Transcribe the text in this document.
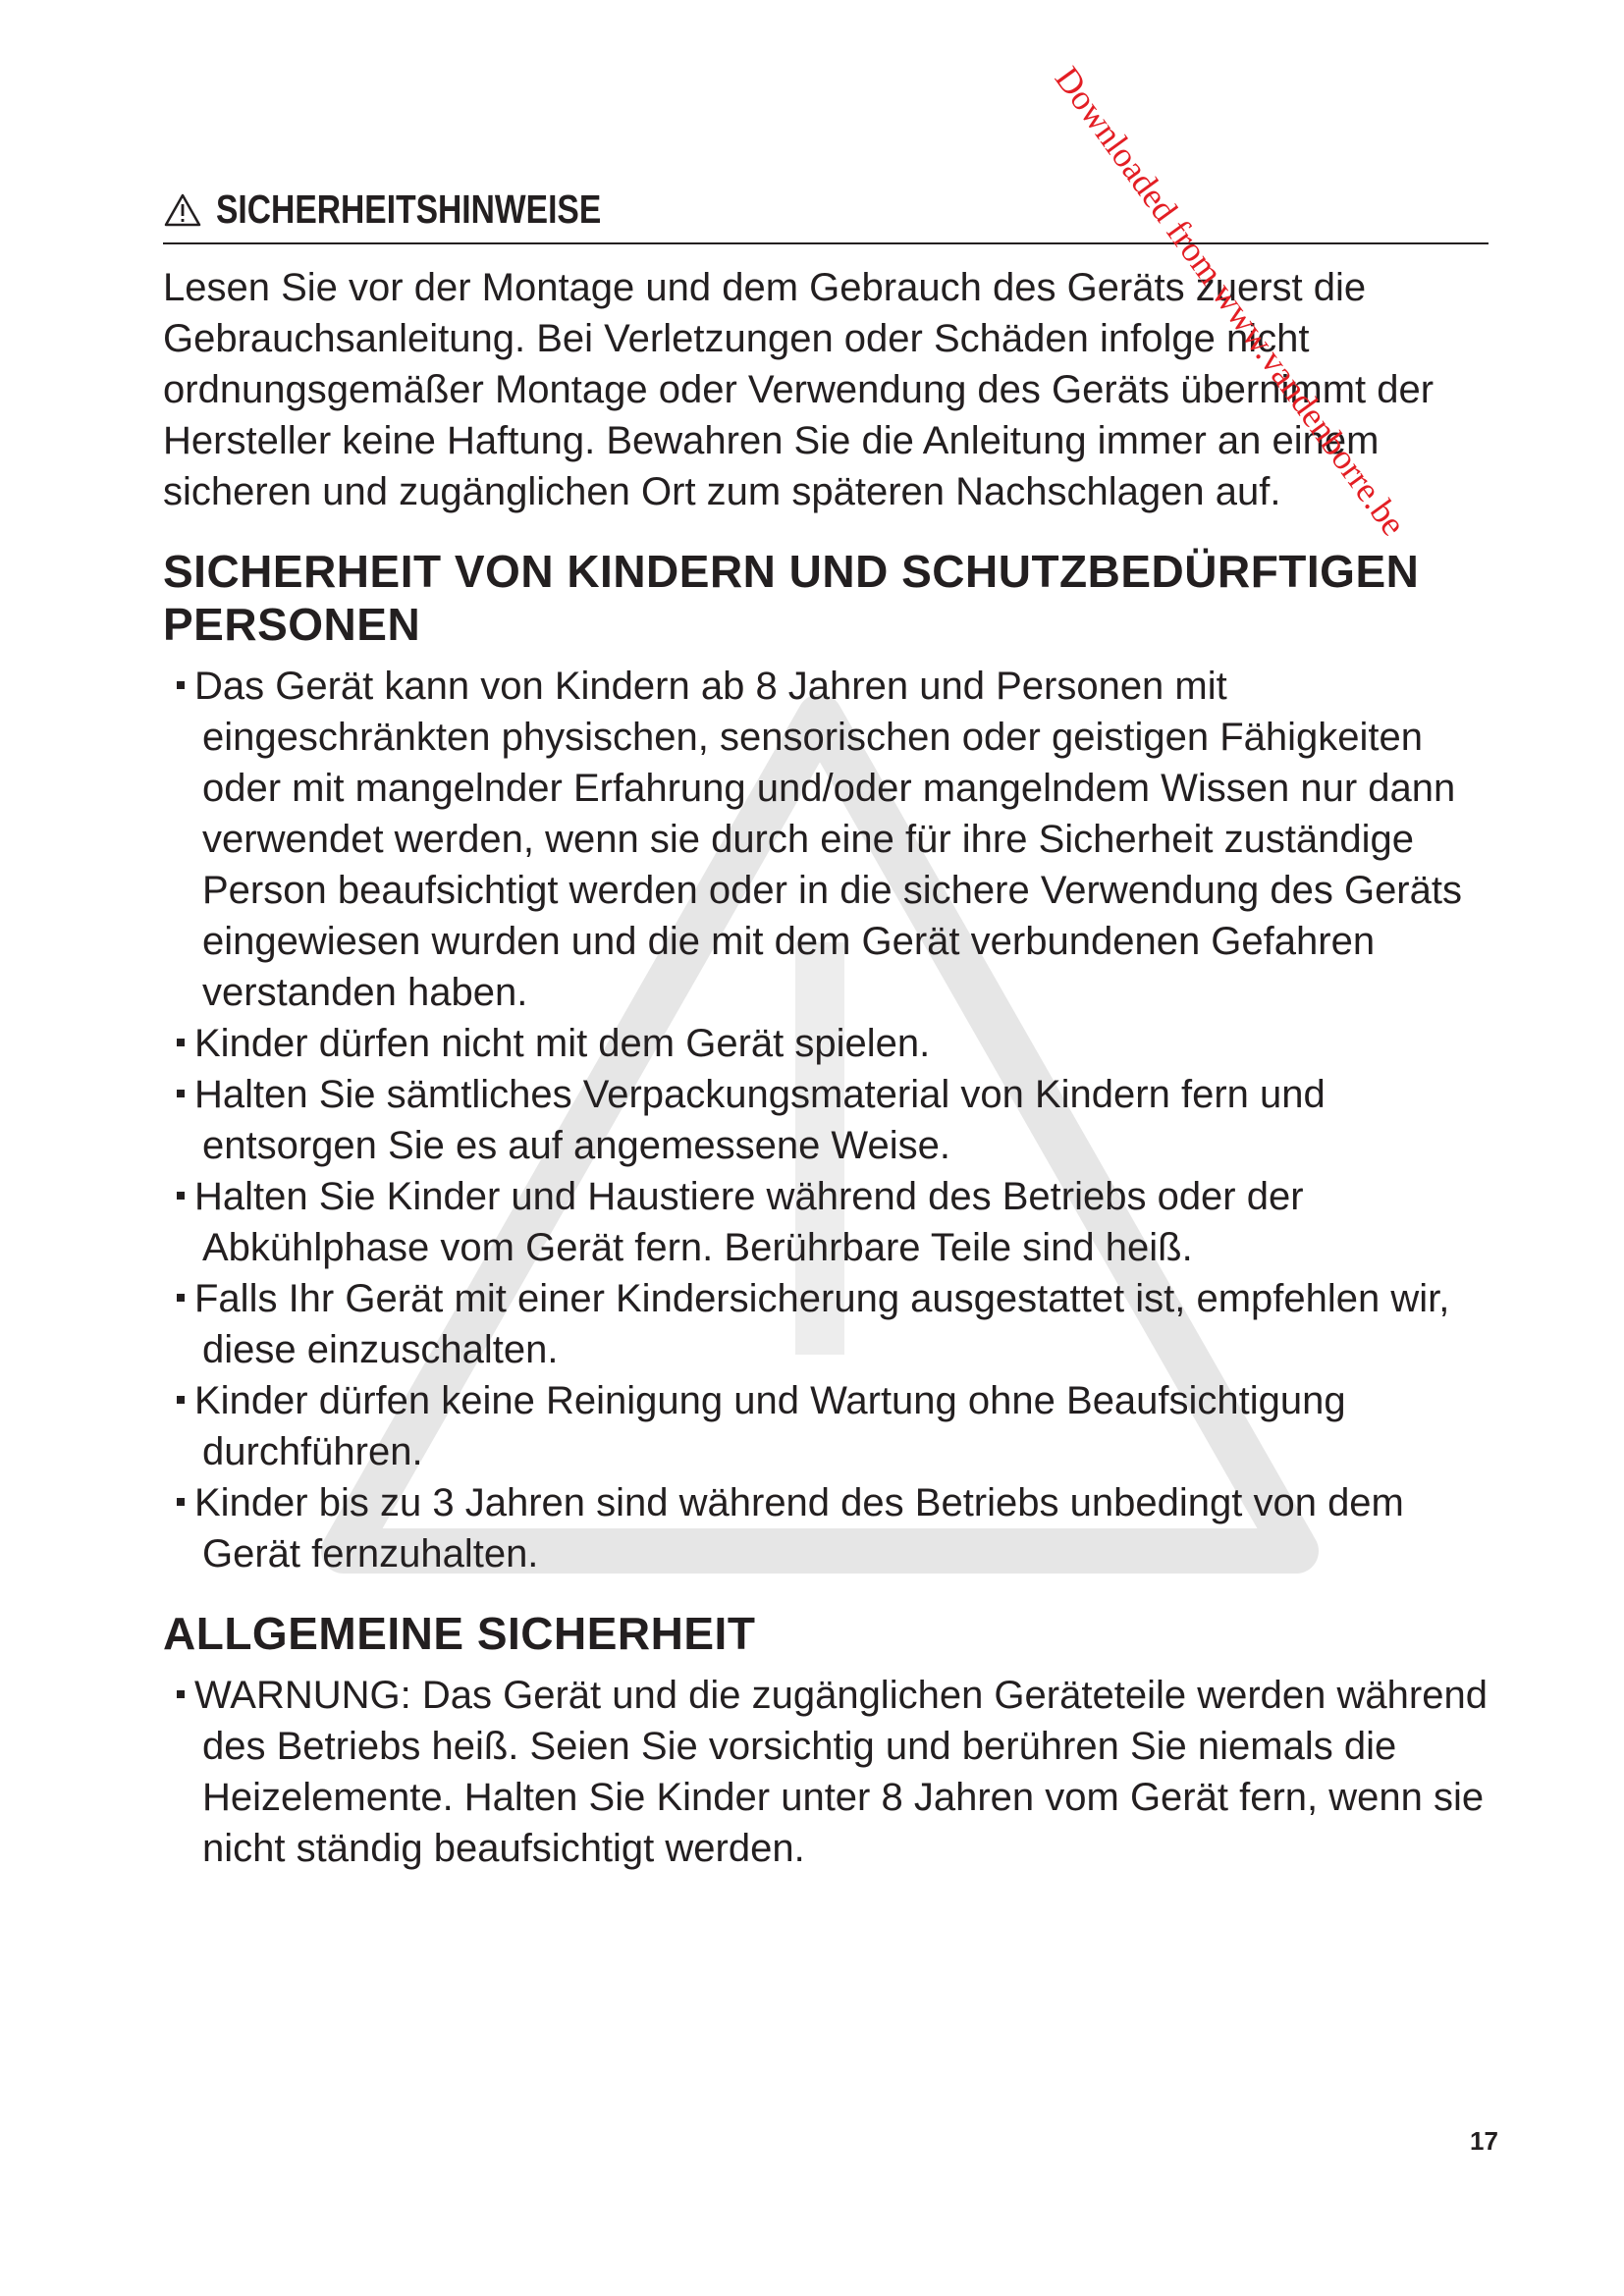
Downloaded from www.vandenborre.be
SICHERHEITSHINWEISE

Lesen Sie vor der Montage und dem Gebrauch des Geräts zuerst die Gebrauchsanleitung. Bei Verletzungen oder Schäden infolge nicht ordnungsgemäßer Montage oder Verwendung des Geräts übernimmt der Hersteller keine Haftung. Bewahren Sie die Anleitung immer an einem sicheren und zugänglichen Ort zum späteren Nachschlagen auf.

SICHERHEIT VON KINDERN UND SCHUTZBEDÜRFTIGEN PERSONEN
Das Gerät kann von Kindern ab 8 Jahren und Personen mit eingeschränkten physischen, sensorischen oder geistigen Fähigkeiten oder mit mangelnder Erfahrung und/oder mangelndem Wissen nur dann verwendet werden, wenn sie durch eine für ihre Sicherheit zuständige Person beaufsichtigt werden oder in die sichere Verwendung des Geräts eingewiesen wurden und die mit dem Gerät verbundenen Gefahren verstanden haben.
Kinder dürfen nicht mit dem Gerät spielen.
Halten Sie sämtliches Verpackungsmaterial von Kindern fern und entsorgen Sie es auf angemessene Weise.
Halten Sie Kinder und Haustiere während des Betriebs oder der Abkühlphase vom Gerät fern. Berührbare Teile sind heiß.
Falls Ihr Gerät mit einer Kindersicherung ausgestattet ist, empfehlen wir, diese einzuschalten.
Kinder dürfen keine Reinigung und Wartung ohne Beaufsichtigung durchführen.
Kinder bis zu 3 Jahren sind während des Betriebs unbedingt von dem Gerät fernzuhalten.
ALLGEMEINE SICHERHEIT
WARNUNG: Das Gerät und die zugänglichen Geräteteile werden während des Betriebs heiß. Seien Sie vorsichtig und berühren Sie niemals die Heizelemente. Halten Sie Kinder unter 8 Jahren vom Gerät fern, wenn sie nicht ständig beaufsichtigt werden.
17
